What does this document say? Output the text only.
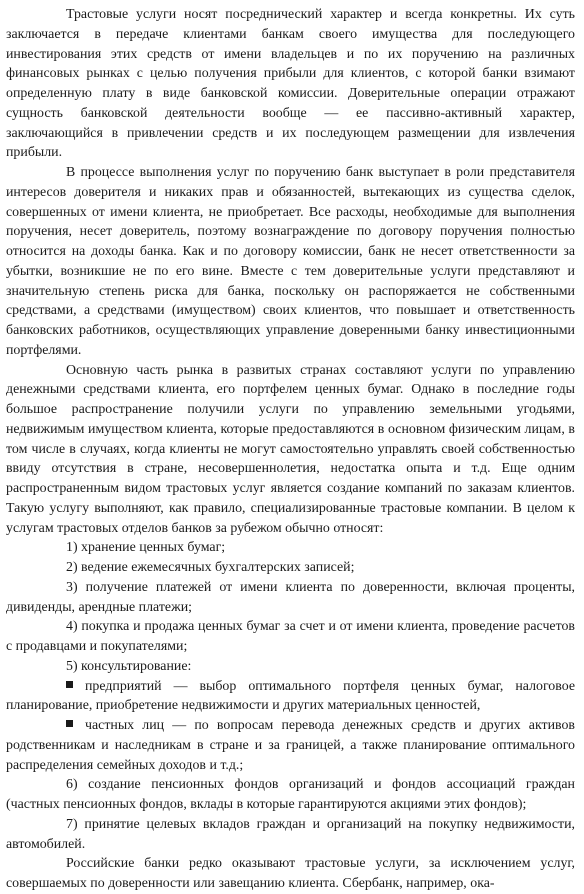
Трастовые услуги носят посреднический характер и всегда конкретны. Их суть заключается в передаче клиентами банкам своего имущества для последующего инвестирования этих средств от имени владельцев и по их поручению на различных финансовых рынках с целью получения прибыли для клиентов, с которой банки взимают определенную плату в виде банковской комиссии. Доверительные операции отражают сущность банковской деятельности вообще — ее пассивно-активный характер, заключающийся в привлечении средств и их последующем размещении для извлечения прибыли.

В процессе выполнения услуг по поручению банк выступает в роли представителя интересов доверителя и никаких прав и обязанностей, вытекающих из существа сделок, совершенных от имени клиента, не приобретает. Все расходы, необходимые для выполнения поручения, несет доверитель, поэтому вознаграждение по договору поручения полностью относится на доходы банка. Как и по договору комиссии, банк не несет ответственности за убытки, возникшие не по его вине. Вместе с тем доверительные услуги представляют и значительную степень риска для банка, поскольку он распоряжается не собственными средствами, а средствами (имуществом) своих клиентов, что повышает и ответственность банковских работников, осуществляющих управление доверенными банку инвестиционными портфелями.

Основную часть рынка в развитых странах составляют услуги по управлению денежными средствами клиента, его портфелем ценных бумаг. Однако в последние годы большое распространение получили услуги по управлению земельными угодьями, недвижимым имуществом клиента, которые предоставляются в основном физическим лицам, в том числе в случаях, когда клиенты не могут самостоятельно управлять своей собственностью ввиду отсутствия в стране, несовершеннолетия, недостатка опыта и т.д. Еще одним распространенным видом трастовых услуг является создание компаний по заказам клиентов. Такую услугу выполняют, как правило, специализированные трастовые компании. В целом к услугам трастовых отделов банков за рубежом обычно относят:

1) хранение ценных бумаг;

2) ведение ежемесячных бухгалтерских записей;

3) получение платежей от имени клиента по доверенности, включая проценты, дивиденды, арендные платежи;

4) покупка и продажа ценных бумаг за счет и от имени клиента, проведение расчетов с продавцами и покупателями;

5) консультирование:

предприятий — выбор оптимального портфеля ценных бумаг, налоговое планирование, приобретение недвижимости и других материальных ценностей,

частных лиц — по вопросам перевода денежных средств и других активов родственникам и наследникам в стране и за границей, а также планирование оптимального распределения семейных доходов и т.д.;

6) создание пенсионных фондов организаций и фондов ассоциаций граждан (частных пенсионных фондов, вклады в которые гарантируются акциями этих фондов);

7) принятие целевых вкладов граждан и организаций на покупку недвижимости, автомобилей.

Российские банки редко оказывают трастовые услуги, за исключением услуг, совершаемых по доверенности или завещанию клиента. Сбербанк, например, ока-
